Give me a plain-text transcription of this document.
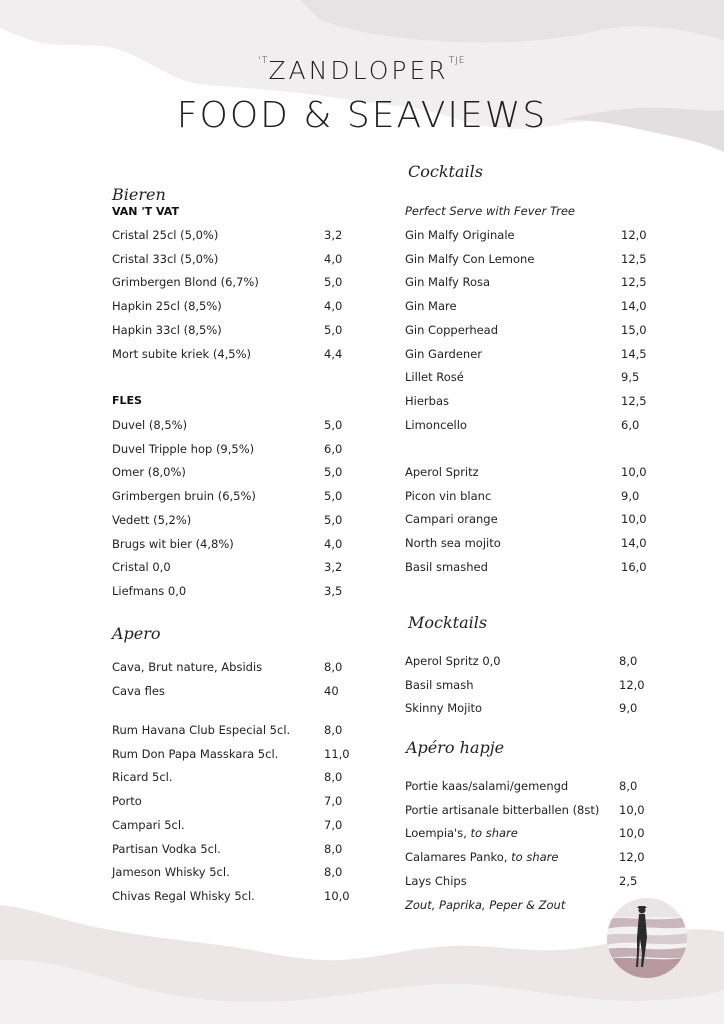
$^{'T}ZANDLOPER^{TJE}$
FOOD & SEAVIEWS
Bieren
VAN 'T VAT
Cristal 25cl (5,0%)	3,2
Cristal 33cl (5,0%)	4,0
Grimbergen Blond (6,7%)	5,0
Hapkin 25cl (8,5%)	4,0
Hapkin 33cl (8,5%)	5,0
Mort subite kriek (4,5%)	4,4
FLES
Duvel (8,5%)	5,0
Duvel Tripple hop (9,5%)	6,0
Omer (8,0%)	5,0
Grimbergen bruin (6,5%)	5,0
Vedett (5,2%)	5,0
Brugs wit bier (4,8%)	4,0
Cristal 0,0	3,2
Liefmans 0,0	3,5
Apero
Cava, Brut nature, Absidis	8,0
Cava fles	40
Rum Havana Club Especial 5cl.	8,0
Rum Don Papa Masskara 5cl.	11,0
Ricard 5cl.	8,0
Porto	7,0
Campari 5cl.	7,0
Partisan Vodka 5cl.	8,0
Jameson Whisky 5cl.	8,0
Chivas Regal Whisky 5cl.	10,0
Cocktails
Perfect Serve with Fever Tree
Gin Malfy Originale	12,0
Gin Malfy Con Lemone	12,5
Gin Malfy Rosa	12,5
Gin Mare	14,0
Gin Copperhead	15,0
Gin Gardener	14,5
Lillet Rosé	9,5
Hierbas	12,5
Limoncello	6,0
Aperol Spritz	10,0
Picon vin blanc	9,0
Campari orange	10,0
North sea mojito	14,0
Basil smashed	16,0
Mocktails
Aperol Spritz 0,0	8,0
Basil smash	12,0
Skinny Mojito	9,0
Apéro hapje
Portie kaas/salami/gemengd	8,0
Portie artisanale bitterballen (8st) 10,0
Loempia's, to share	10,0
Calamares Panko, to share	12,0
Lays Chips	2,5
Zout, Paprika, Peper & Zout
